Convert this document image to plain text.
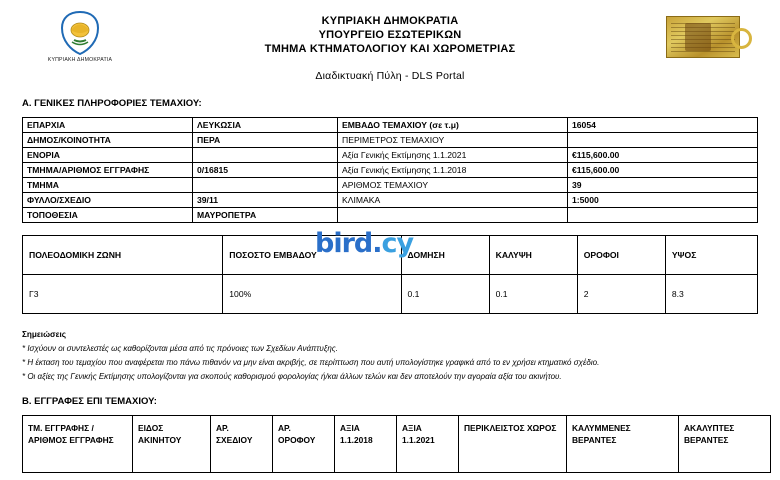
ΚΥΠΡΙΑΚΗ ΔΗΜΟΚΡΑΤΙΑ
ΚΥΠΡΙΑΚΗ ΔΗΜΟΚΡΑΤΙΑ
ΥΠΟΥΡΓΕΙΟ ΕΣΩΤΕΡΙΚΩΝ
ΤΜΗΜΑ ΚΤΗΜΑΤΟΛΟΓΙΟΥ ΚΑΙ ΧΩΡΟΜΕΤΡΙΑΣ
Διαδικτυακή Πύλη - DLS Portal
Α. ΓΕΝΙΚΕΣ ΠΛΗΡΟΦΟΡΙΕΣ ΤΕΜΑΧΙΟΥ:
ΕΠΑΡΧΙΑ	ΛΕΥΚΩΣΙΑ	ΕΜΒΑΔΟ ΤΕΜΑΧΙΟΥ (σε τ.μ)	16054
ΔΗΜΟΣ/ΚΟΙΝΟΤΗΤΑ	ΠΕΡΑ	ΠΕΡΙΜΕΤΡΟΣ ΤΕΜΑΧΙΟΥ	
ΕΝΟΡΙΑ		Αξία Γενικής Εκτίμησης 1.1.2021	€115,600.00
ΤΜΗΜΑ/ΑΡΙΘΜΟΣ ΕΓΓΡΑΦΗΣ	0/16815	Αξία Γενικής Εκτίμησης 1.1.2018	€115,600.00
ΤΜΗΜΑ		ΑΡΙΘΜΟΣ ΤΕΜΑΧΙΟΥ	39
ΦΥΛΛΟ/ΣΧΕΔΙΟ	39/11	ΚΛΙΜΑΚΑ	1:5000
ΤΟΠΟΘΕΣΙΑ	ΜΑΥΡΟΠΕΤΡΑ		
ΠΟΛΕΟΔΟΜΙΚΗ ΖΩΝΗ	ΠΟΣΟΣΤΟ ΕΜΒΑΔΟΥ	ΔΟΜΗΣΗ	ΚΑΛΥΨΗ	ΟΡΟΦΟΙ	ΥΨΟΣ
Γ3	100%	0.1	0.1	2	8.3
Σημειώσεις
* Ισχύουν οι συντελεστές ως καθορίζονται μέσα από τις πρόνοιες των Σχεδίων Ανάπτυξης.
* Η έκταση του τεμαχίου που αναφέρεται πιο πάνω πιθανόν να μην είναι ακριβής, σε περίπτωση που αυτή υπολογίστηκε γραφικά από το εν χρήσει κτηματικό σχέδιο.
* Οι αξίες της Γενικής Εκτίμησης υπολογίζονται για σκοπούς καθορισμού φορολογίας ή/και άλλων τελών και δεν αποτελούν την αγοραία αξία του ακινήτου.
Β. ΕΓΓΡΑΦΕΣ ΕΠΙ ΤΕΜΑΧΙΟΥ:
ΤΜ. ΕΓΓΡΑΦΗΣ / ΑΡΙΘΜΟΣ ΕΓΓΡΑΦΗΣ	ΕΙΔΟΣ ΑΚΙΝΗΤΟΥ	ΑΡ. ΣΧΕΔΙΟΥ	ΑΡ. ΟΡΟΦΟΥ	ΑΞΙΑ 1.1.2018	ΑΞΙΑ 1.1.2021	ΠΕΡΙΚΛΕΙΣΤΟΣ ΧΩΡΟΣ	ΚΑΛΥΜΜΕΝΕΣ ΒΕΡΑΝΤΕΣ	ΑΚΑΛΥΠΤΕΣ ΒΕΡΑΝΤΕΣ
bird.cy
